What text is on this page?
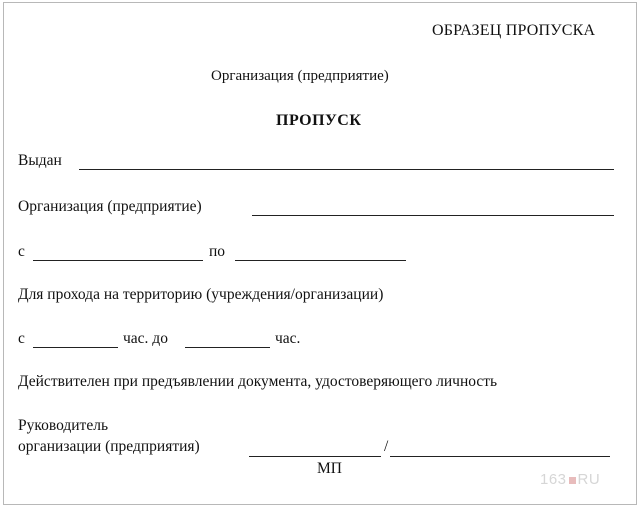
ОБРАЗЕЦ ПРОПУСКА
Организация (предприятие)
ПРОПУСК
Выдан
Организация (предприятие)
с	по
Для прохода на территорию (учреждения/организации)
с	час. до	час.
Действителен при предъявлении документа, удостоверяющего личность
Руководитель
организации (предприятия)	/
МП
163 RU
